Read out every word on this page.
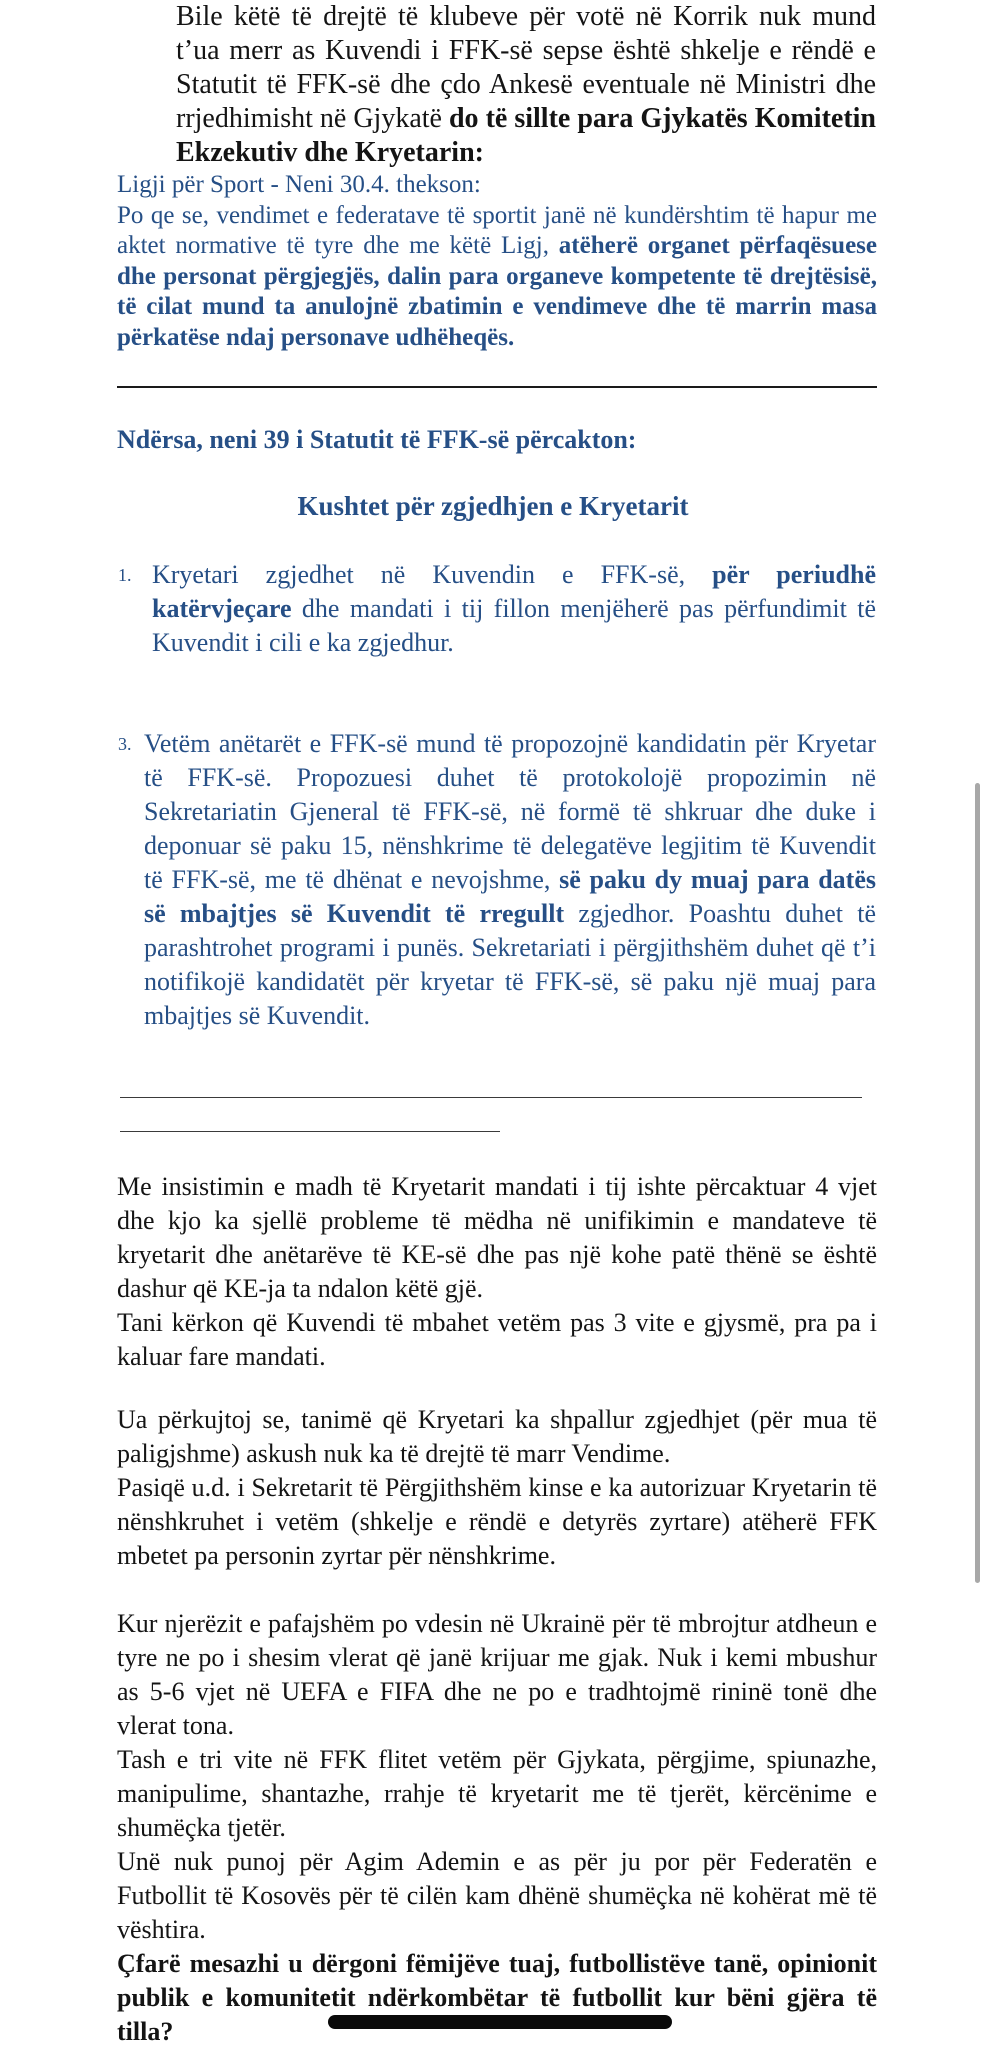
Bile këtë të drejtë të klubeve për votë në Korrik nuk mund t’ua merr as Kuvendi i FFK-së sepse është shkelje e rëndë e Statutit të FFK-së dhe çdo Ankesë eventuale në Ministri dhe rrjedhimisht në Gjykatë do të sillte para Gjykatës Komitetin Ekzekutiv dhe Kryetarin:

Ligji për Sport - Neni 30.4. thekson:

Po qe se, vendimet e federatave të sportit janë në kundërshtim të hapur me aktet normative të tyre dhe me këtë Ligj, atëherë organet përfaqësuese dhe personat përgjegjës, dalin para organeve kompetente të drejtësisë, të cilat mund ta anulojnë zbatimin e vendimeve dhe të marrin masa përkatëse ndaj personave udhëheqës.

Ndërsa, neni 39 i Statutit të FFK-së përcakton:
Kushtet për zgjedhjen e Kryetarit
1. Kryetari zgjedhet në Kuvendin e FFK-së, për periudhë katërvjeçare dhe mandati i tij fillon menjëherë pas përfundimit të Kuvendit i cili e ka zgjedhur.
3. Vetëm anëtarët e FFK-së mund të propozojnë kandidatin për Kryetar të FFK-së. Propozuesi duhet të protokolojë propozimin në Sekretariatin Gjeneral të FFK-së, në formë të shkruar dhe duke i deponuar së paku 15, nënshkrime të delegatëve legjitim të Kuvendit të FFK-së, me të dhënat e nevojshme, së paku dy muaj para datës së mbajtjes së Kuvendit të rregullt zgjedhor. Poashtu duhet të parashtrohet programi i punës. Sekretariati i përgjithshëm duhet që t’i notifikojë kandidatët për kryetar të FFK-së, së paku një muaj para mbajtjes së Kuvendit.

Me insistimin e madh të Kryetarit mandati i tij ishte përcaktuar 4 vjet dhe kjo ka sjellë probleme të mëdha në unifikimin e mandateve të kryetarit dhe anëtarëve të KE-së dhe pas një kohe patë thënë se është dashur që KE-ja ta ndalon këtë gjë.

Tani kërkon që Kuvendi të mbahet vetëm pas 3 vite e gjysmë, pra pa i kaluar fare mandati.

Ua përkujtoj se, tanimë që Kryetari ka shpallur zgjedhjet (për mua të paligjshme) askush nuk ka të drejtë të marr Vendime.

Pasiqë u.d. i Sekretarit të Përgjithshëm kinse e ka autorizuar Kryetarin të nënshkruhet i vetëm (shkelje e rëndë e detyrës zyrtare) atëherë FFK mbetet pa personin zyrtar për nënshkrime.

Kur njerëzit e pafajshëm po vdesin në Ukrainë për të mbrojtur atdheun e tyre ne po i shesim vlerat që janë krijuar me gjak. Nuk i kemi mbushur as 5-6 vjet në UEFA e FIFA dhe ne po e tradhtojmë rininë tonë dhe vlerat tona.

Tash e tri vite në FFK flitet vetëm për Gjykata, përgjime, spiunazhe, manipulime, shantazhe, rrahje të kryetarit me të tjerët, kërcënime e shumëçka tjetër.

Unë nuk punoj për Agim Ademin e as për ju por për Federatën e Futbollit të Kosovës për të cilën kam dhënë shumëçka në kohërat më të vështira.

Çfarë mesazhi u dërgoni fëmijëve tuaj, futbollistëve tanë, opinionit publik e komunitetit ndërkombëtar të futbollit kur bëni gjëra të tilla?
